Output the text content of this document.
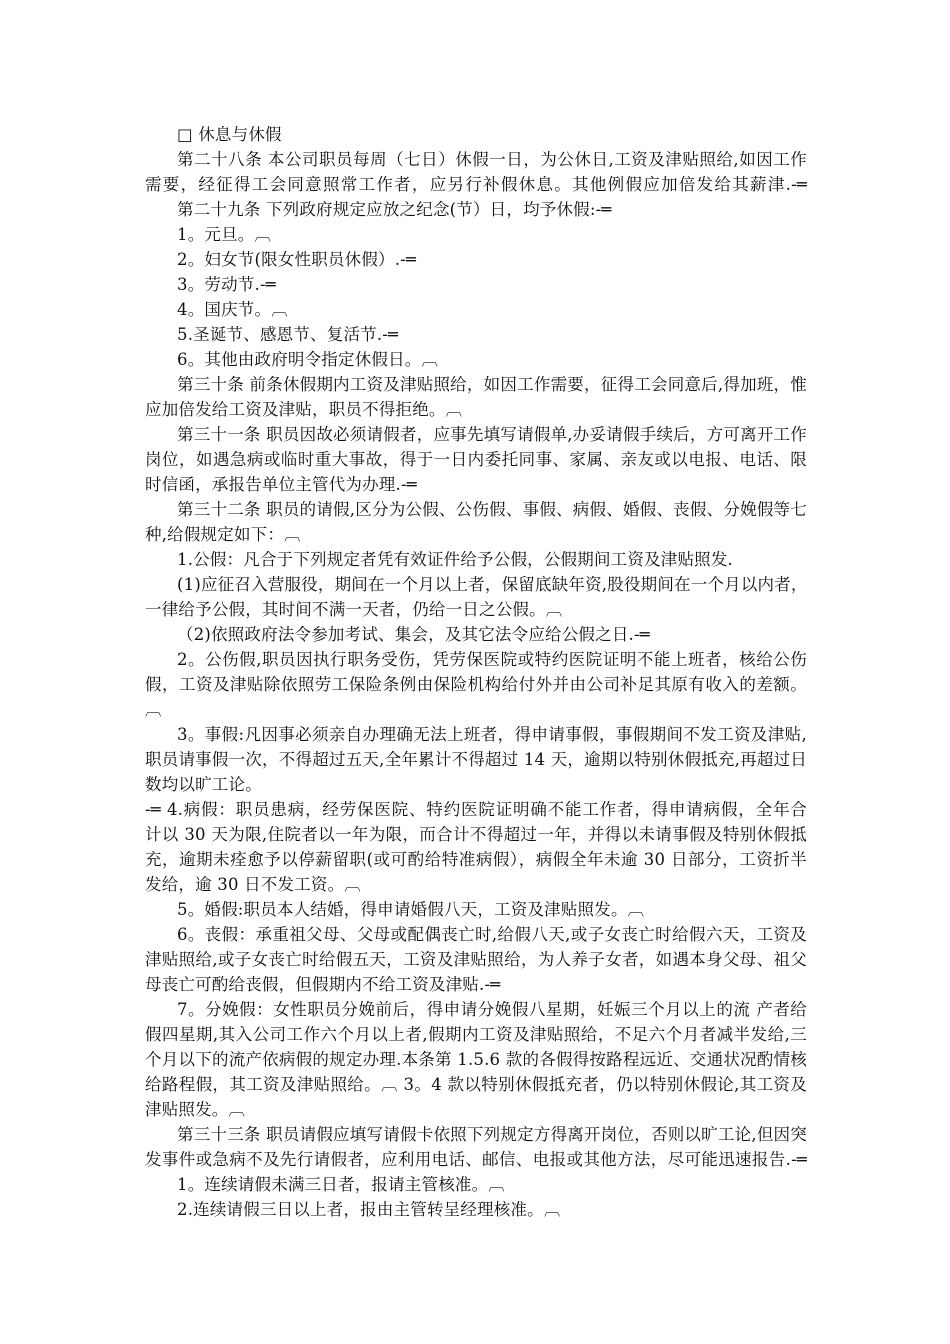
□ 休息与休假
第二十八条 本公司职员每周（七日）休假一日，为公休日,工资及津贴照给,如因工作
需要，经征得工会同意照常工作者，应另行补假休息。其他例假应加倍发给其薪津.-═
第二十九条 下列政府规定应放之纪念(节）日，均予休假:-═
1。元旦。︹
2。妇女节(限女性职员休假）.-═
3。劳动节.-═
4。国庆节。︹
5.圣诞节、感恩节、复活节.-═
6。其他由政府明令指定休假日。︹
第三十条 前条休假期内工资及津贴照给，如因工作需要，征得工会同意后,得加班，惟
应加倍发给工资及津贴，职员不得拒绝。︹
第三十一条 职员因故必须请假者，应事先填写请假单,办妥请假手续后，方可离开工作
岗位，如遇急病或临时重大事故，得于一日内委托同事、家属、亲友或以电报、电话、限
时信函，承报告单位主管代为办理.-═
第三十二条 职员的请假,区分为公假、公伤假、事假、病假、婚假、丧假、分娩假等七
种,给假规定如下：︹
1.公假：凡合于下列规定者凭有效证件给予公假，公假期间工资及津贴照发.
(1)应征召入营服役，期间在一个月以上者，保留底缺年资,股役期间在一个月以内者，
一律给予公假，其时间不满一天者，仍给一日之公假。︹
（2)依照政府法令参加考试、集会，及其它法令应给公假之日.-═
2。公伤假,职员因执行职务受伤，凭劳保医院或特约医院证明不能上班者，核给公伤
假，工资及津贴除依照劳工保险条例由保险机构给付外并由公司补足其原有收入的差额。
︹
3。事假:凡因事必须亲自办理确无法上班者，得申请事假，事假期间不发工资及津贴,
职员请事假一次，不得超过五天,全年累计不得超过 14 天，逾期以特别休假抵充,再超过日
数均以旷工论。
-═ 4.病假：职员患病，经劳保医院、特约医院证明确不能工作者，得申请病假，全年合
计以 30 天为限,住院者以一年为限，而合计不得超过一年，并得以未请事假及特别休假抵
充，逾期未痊愈予以停薪留职(或可酌给特准病假），病假全年未逾 30 日部分，工资折半
发给，逾 30 日不发工资。︹
5。婚假:职员本人结婚，得申请婚假八天，工资及津贴照发。︹
6。丧假：承重祖父母、父母或配偶丧亡时,给假八天,或子女丧亡时给假六天，工资及
津贴照给,或子女丧亡时给假五天，工资及津贴照给，为人养子女者，如遇本身父母、祖父
母丧亡可酌给丧假，但假期内不给工资及津贴.-═
7。分娩假：女性职员分娩前后，得申请分娩假八星期，妊娠三个月以上的流 产者给
假四星期,其入公司工作六个月以上者,假期内工资及津贴照给，不足六个月者减半发给,三
个月以下的流产依病假的规定办理.本条第 1.5.6 款的各假得按路程远近、交通状况酌情核
给路程假，其工资及津贴照给。︹ 3。4 款以特别休假抵充者，仍以特别休假论,其工资及
津贴照发。︹
第三十三条 职员请假应填写请假卡依照下列规定方得离开岗位，否则以旷工论,但因突
发事件或急病不及先行请假者，应利用电话、邮信、电报或其他方法，尽可能迅速报告.-═
1。连续请假未满三日者，报请主管核准。︹
2.连续请假三日以上者，报由主管转呈经理核准。︹
